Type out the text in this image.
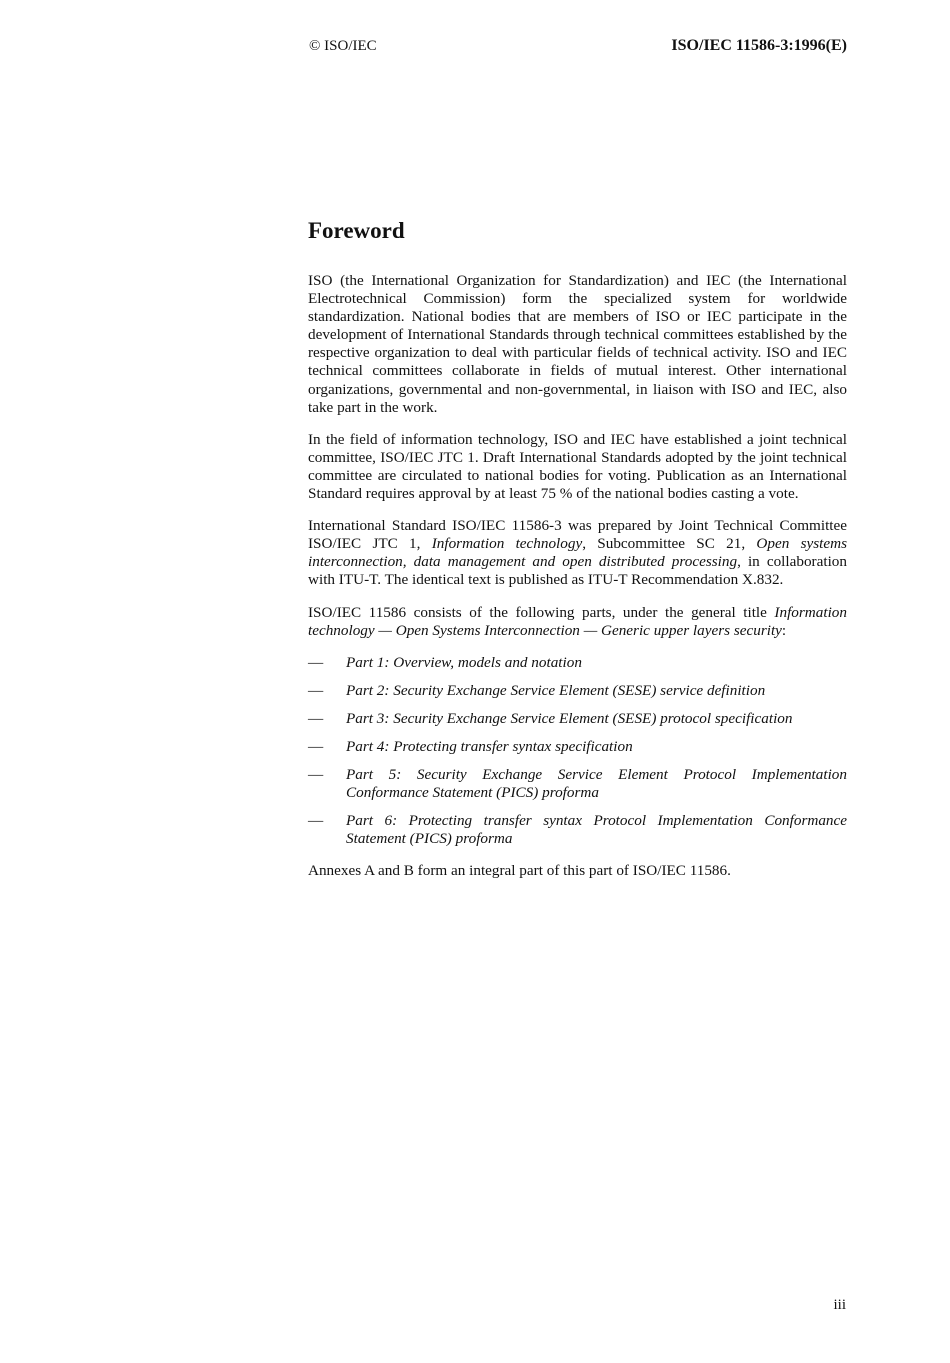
© ISO/IEC	ISO/IEC 11586-3:1996(E)
Foreword

ISO (the International Organization for Standardization) and IEC (the International Electrotechnical Commission) form the specialized system for worldwide standardization. National bodies that are members of ISO or IEC participate in the development of International Standards through technical committees established by the respective organization to deal with particular fields of technical activity. ISO and IEC technical committees collaborate in fields of mutual interest. Other international organizations, governmental and non-governmental, in liaison with ISO and IEC, also take part in the work.

In the field of information technology, ISO and IEC have established a joint technical committee, ISO/IEC JTC 1. Draft International Standards adopted by the joint technical committee are circulated to national bodies for voting. Publication as an International Standard requires approval by at least 75 % of the national bodies casting a vote.

International Standard ISO/IEC 11586-3 was prepared by Joint Technical Committee ISO/IEC JTC 1, Information technology, Subcommittee SC 21, Open systems interconnection, data management and open distributed processing, in collaboration with ITU-T. The identical text is published as ITU-T Recommendation X.832.

ISO/IEC 11586 consists of the following parts, under the general title Information technology — Open Systems Interconnection — Generic upper layers security:

—	Part 1: Overview, models and notation
—	Part 2: Security Exchange Service Element (SESE) service definition
—	Part 3: Security Exchange Service Element (SESE) protocol specification
—	Part 4: Protecting transfer syntax specification
—	Part 5: Security Exchange Service Element Protocol Implementation Conformance Statement (PICS) proforma
—	Part 6: Protecting transfer syntax Protocol Implementation Conformance Statement (PICS) proforma

Annexes A and B form an integral part of this part of ISO/IEC 11586.

iii
